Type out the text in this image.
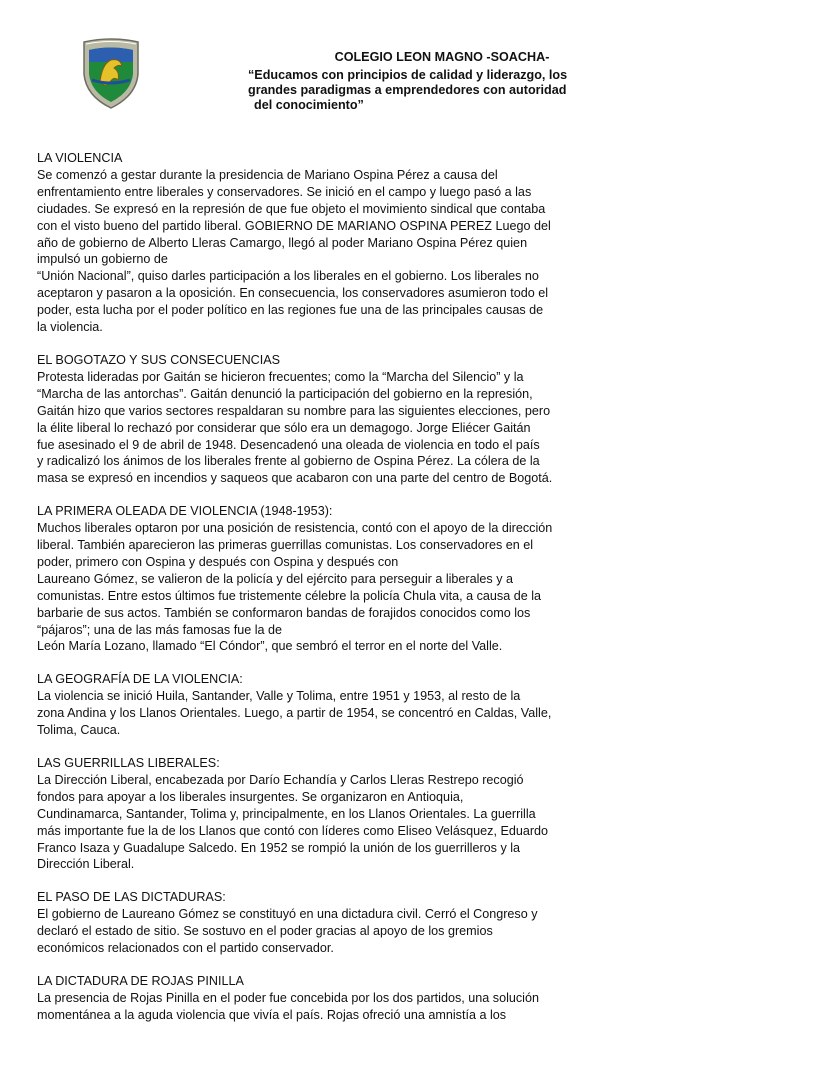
COLEGIO LEON MAGNO -SOACHA-

“Educamos con principios de calidad y liderazgo, los
grandes paradigmas a emprendedores con autoridad
del conocimiento”

LA VIOLENCIA
Se comenzó a gestar durante la presidencia de Mariano Ospina Pérez a causa del
enfrentamiento entre liberales y conservadores. Se inició en el campo y luego pasó a las
ciudades. Se expresó en la represión de que fue objeto el movimiento sindical que contaba
con el visto bueno del partido liberal. GOBIERNO DE MARIANO OSPINA PEREZ Luego del
año de gobierno de Alberto Lleras Camargo, llegó al poder Mariano Ospina Pérez quien
impulsó un gobierno de
“Unión Nacional”, quiso darles participación a los liberales en el gobierno. Los liberales no
aceptaron y pasaron a la oposición. En consecuencia, los conservadores asumieron todo el
poder, esta lucha por el poder político en las regiones fue una de las principales causas de
la violencia.
EL BOGOTAZO Y SUS CONSECUENCIAS
Protesta lideradas por Gaitán se hicieron frecuentes; como la “Marcha del Silencio” y la
“Marcha de las antorchas”. Gaitán denunció la participación del gobierno en la represión,
Gaitán hizo que varios sectores respaldaran su nombre para las siguientes elecciones, pero
la élite liberal lo rechazó por considerar que sólo era un demagogo. Jorge Eliécer Gaitán
fue asesinado el 9 de abril de 1948. Desencadenó una oleada de violencia en todo el país
y radicalizó los ánimos de los liberales frente al gobierno de Ospina Pérez. La cólera de la
masa se expresó en incendios y saqueos que acabaron con una parte del centro de Bogotá.
LA PRIMERA OLEADA DE VIOLENCIA (1948-1953):
Muchos liberales optaron por una posición de resistencia, contó con el apoyo de la dirección
liberal. También aparecieron las primeras guerrillas comunistas. Los conservadores en el
poder, primero con Ospina y después con Ospina y después con
Laureano Gómez, se valieron de la policía y del ejército para perseguir a liberales y a
comunistas. Entre estos últimos fue tristemente célebre la policía Chula vita, a causa de la
barbarie de sus actos. También se conformaron bandas de forajidos conocidos como los
“pájaros”; una de las más famosas fue la de
León María Lozano, llamado “El Cóndor”, que sembró el terror en el norte del Valle.
LA GEOGRAFÍA DE LA VIOLENCIA:
La violencia se inició Huila, Santander, Valle y Tolima, entre 1951 y 1953, al resto de la
zona Andina y los Llanos Orientales. Luego, a partir de 1954, se concentró en Caldas, Valle,
Tolima, Cauca.
LAS GUERRILLAS LIBERALES:
La Dirección Liberal, encabezada por Darío Echandía y Carlos Lleras Restrepo recogió
fondos para apoyar a los liberales insurgentes. Se organizaron en Antioquia,
Cundinamarca, Santander, Tolima y, principalmente, en los Llanos Orientales. La guerrilla
más importante fue la de los Llanos que contó con líderes como Eliseo Velásquez, Eduardo
Franco Isaza y Guadalupe Salcedo. En 1952 se rompió la unión de los guerrilleros y la
Dirección Liberal.
EL PASO DE LAS DICTADURAS:
El gobierno de Laureano Gómez se constituyó en una dictadura civil. Cerró el Congreso y
declaró el estado de sitio. Se sostuvo en el poder gracias al apoyo de los gremios
económicos relacionados con el partido conservador.
LA DICTADURA DE ROJAS PINILLA
La presencia de Rojas Pinilla en el poder fue concebida por los dos partidos, una solución
momentánea a la aguda violencia que vivía el país. Rojas ofreció una amnistía a los
